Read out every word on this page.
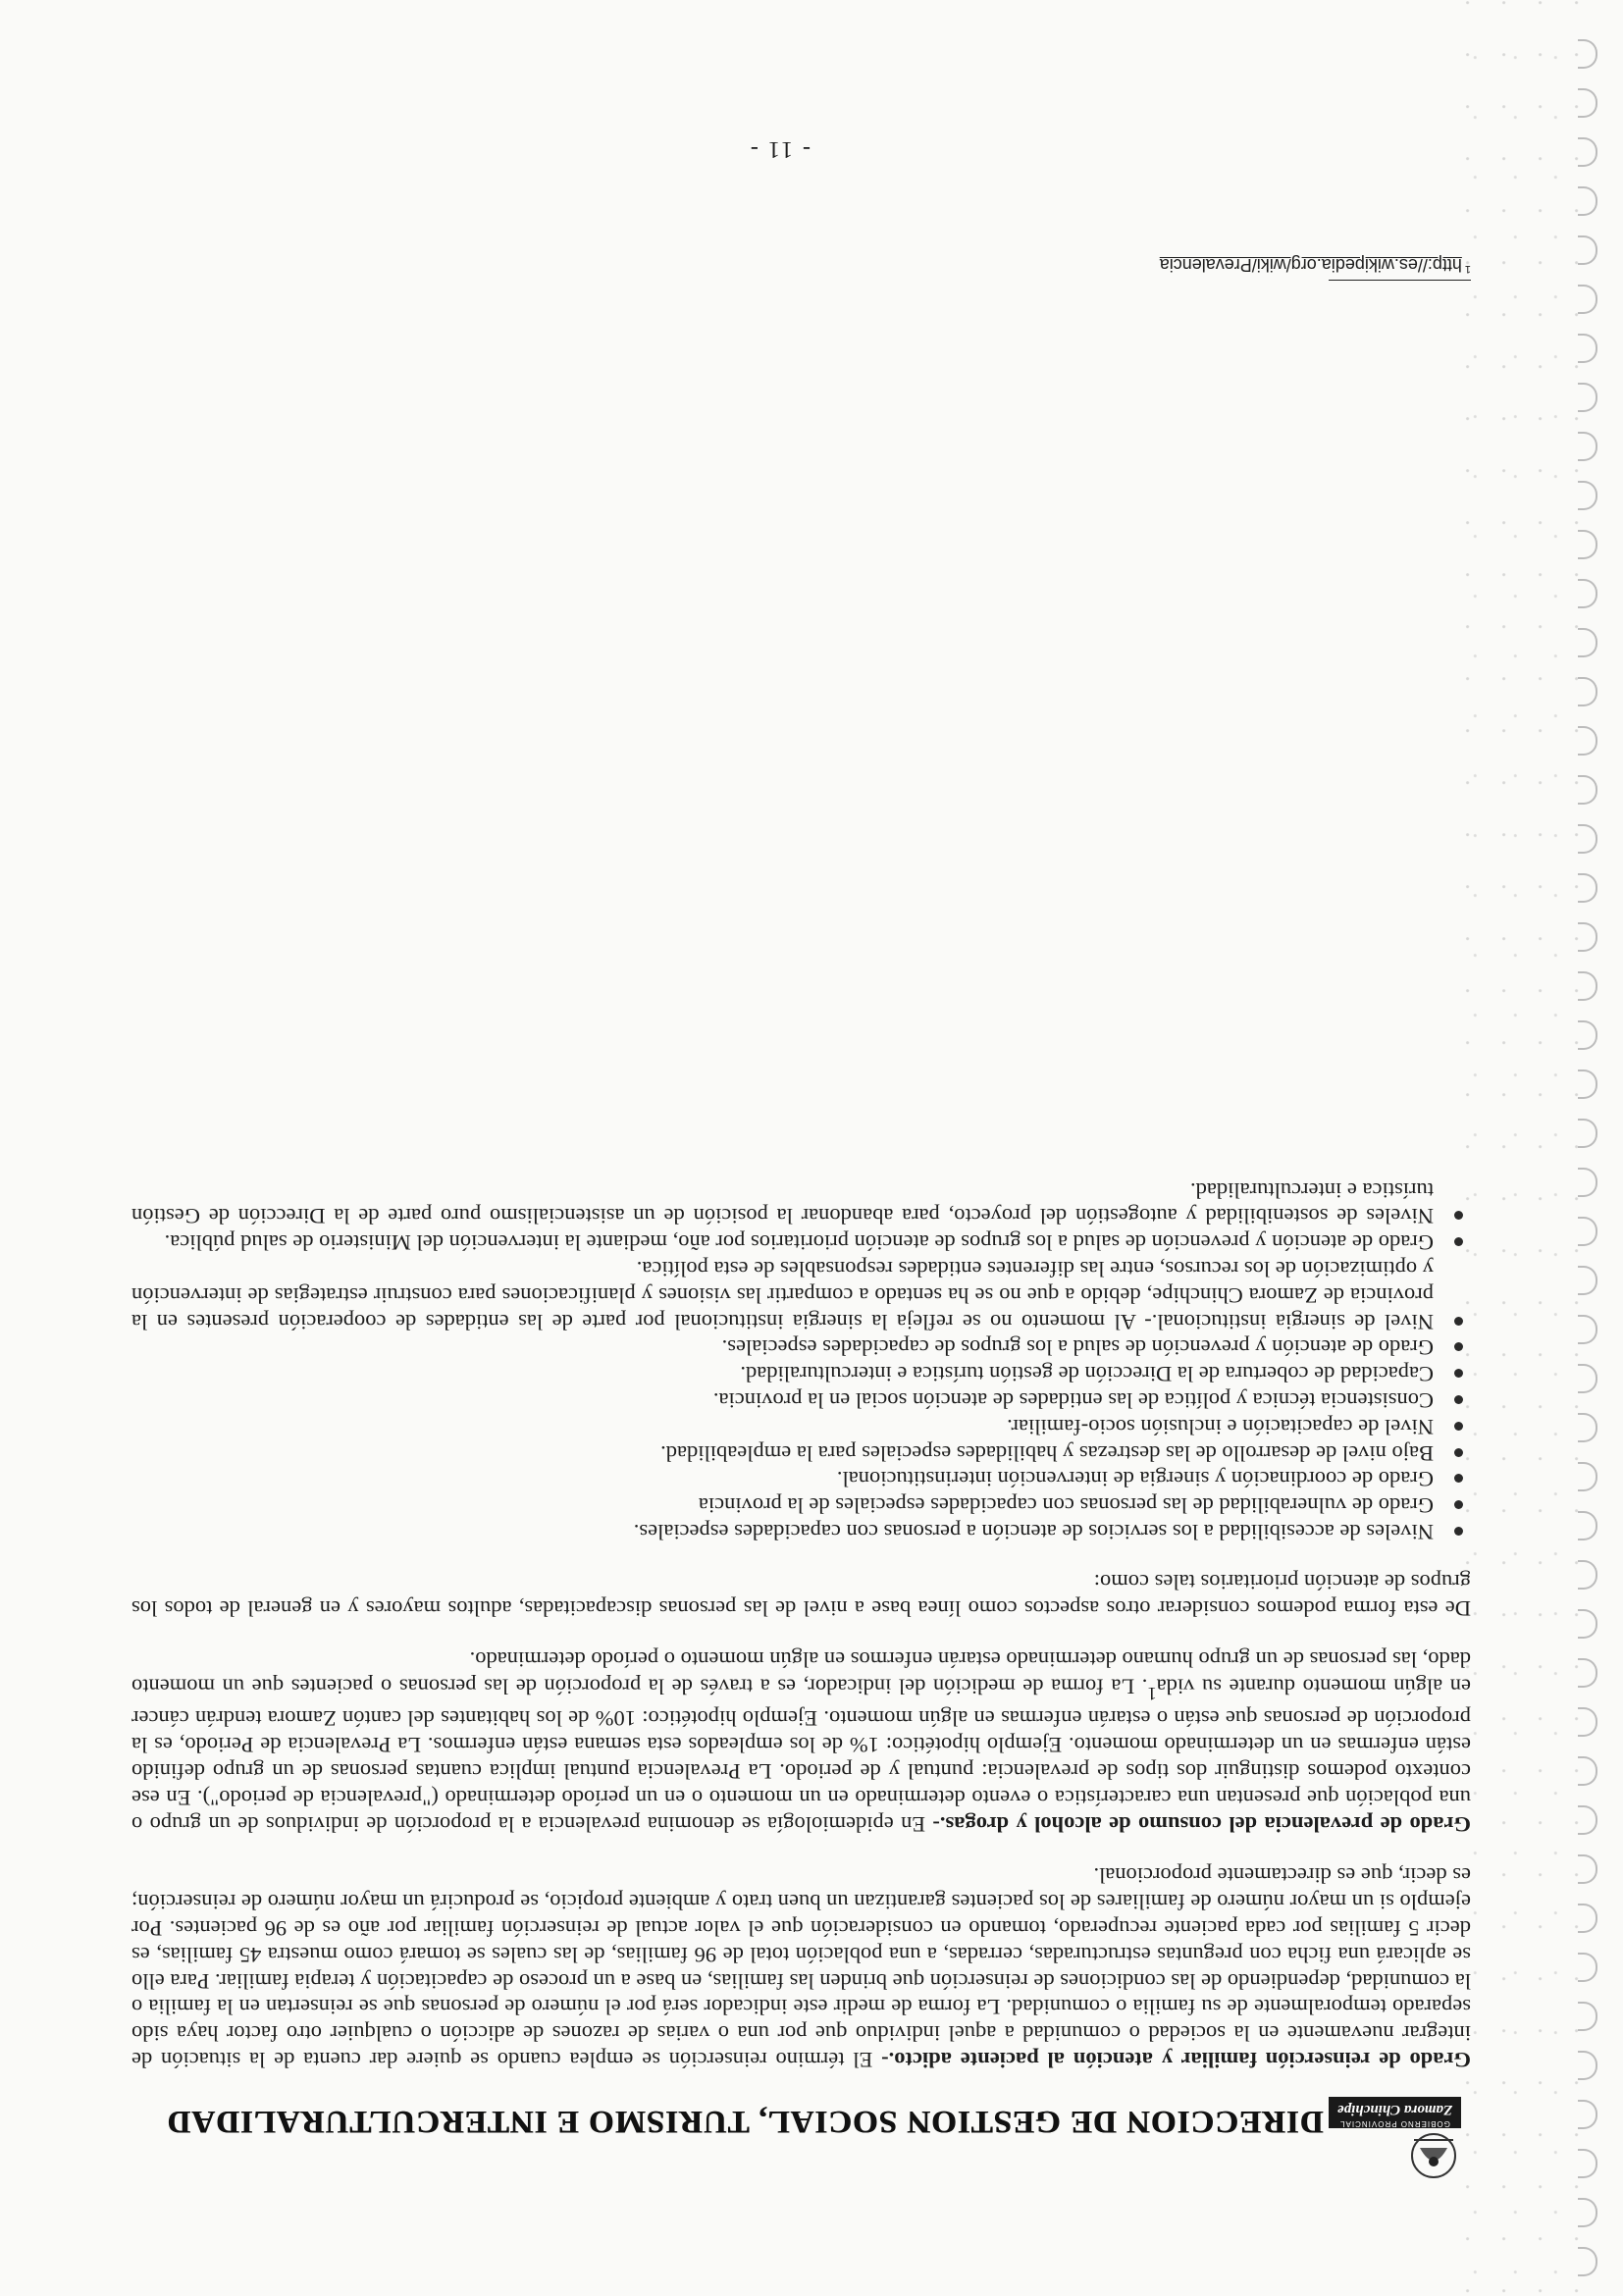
GOBIERNO PROVINCIAL
Zamora Chinchipe
DIRECCION DE GESTION SOCIAL, TURISMO E INTERCULTURALIDAD

Grado de reinserción familiar y atención al paciente adicto.- El término reinserción se emplea cuando se quiere dar cuenta de la situación de integrar nuevamente en la sociedad o comunidad a aquel individuo que por una o varias de razones de adicción o cualquier otro factor haya sido separado temporalmente de su familia o comunidad. La forma de medir este indicador será por el número de personas que se reinsertan en la familia o la comunidad, dependiendo de las condiciones de reinserción que brinden las familias, en base a un proceso de capacitación y terapia familiar. Para ello se aplicará una ficha con preguntas estructuradas, cerradas, a una población total de 96 familias, de las cuales se tomará como muestra 45 familias, es decir 5 familias por cada paciente recuperado, tomando en consideración que el valor actual de reinserción familiar por año es de 96 pacientes. Por ejemplo si un mayor número de familiares de los pacientes garantizan un buen trato y ambiente propicio, se producirá un mayor número de reinserción; es decir, que es directamente proporcional.

Grado de prevalencia del consumo de alcohol y drogas.- En epidemiología se denomina prevalencia a la proporción de individuos de un grupo o una población que presentan una característica o evento determinado en un momento o en un período determinado ("prevalencia de periodo"). En ese contexto podemos distinguir dos tipos de prevalencia: puntual y de periodo. La Prevalencia puntual implica cuantas personas de un grupo definido están enfermas en un determinado momento. Ejemplo hipotético: 1% de los empleados esta semana están enfermos. La Prevalencia de Periodo, es la proporción de personas que están o estarán enfermas en algún momento. Ejemplo hipotético: 10% de los habitantes del cantón Zamora tendrán cáncer en algún momento durante su vida$^1$. La forma de medición del indicador, es a través de la proporción de las personas o pacientes que un momento dado, las personas de un grupo humano determinado estarán enfermos en algún momento o período determinado.

De esta forma podemos considerar otros aspectos como línea base a nivel de las personas discapacitadas, adultos mayores y en general de todos los grupos de atención prioritarios tales como:

Niveles de accesibilidad a los servicios de atención a personas con capacidades especiales.
Grado de vulnerabilidad de las personas con capacidades especiales de la provincia
Grado de coordinación y sinergia de intervención interinstitucional.
Bajo nivel de desarrollo de las destrezas y habilidades especiales para la empleabilidad.
Nivel de capacitación e inclusión socio-familiar.
Consistencia técnica y política de las entidades de atención social en la provincia.
Capacidad de cobertura de la Dirección de gestión turística e interculturalidad.
Grado de atención y prevención de salud a los grupos de capacidades especiales.
Nivel de sinergia institucional.- Al momento no se refleja la sinergia institucional por parte de las entidades de cooperación presentes en la provincia de Zamora Chinchipe, debido a que no se ha sentado a compartir las visiones y planificaciones para construir estrategias de intervención y optimización de los recursos, entre las diferentes entidades responsables de esta política.
Grado de atención y prevención de salud a los grupos de atención prioritarios por año, mediante la intervención del Ministerio de salud pública.
Niveles de sostenibilidad y autogestión del proyecto, para abandonar la posición de un asistencialismo puro parte de la Dirección de Gestión turística e interculturalidad.
$^1$http://es.wikipedia.org/wiki/Prevalencia
- 11 -
